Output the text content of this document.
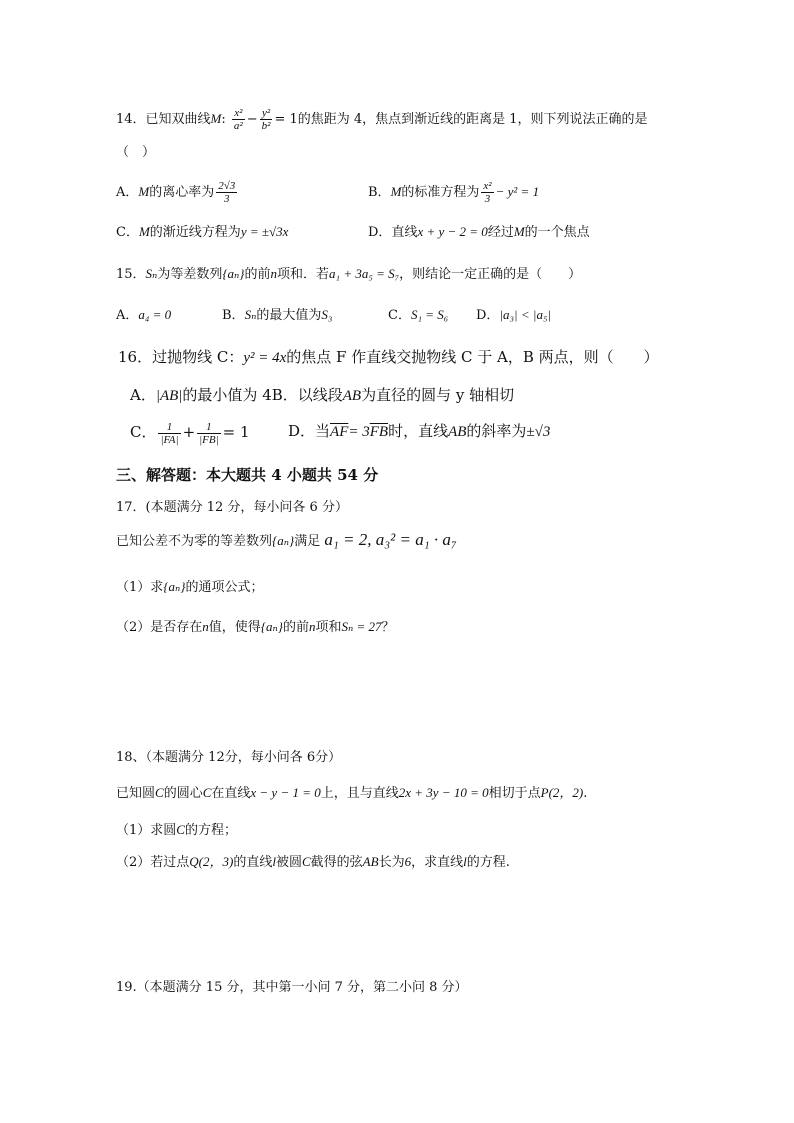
14．已知双曲线M: $\frac{\text{x²}}{\text{a²}} - \frac{\text{y²}}{\text{b²}} = 1$的焦距为 4，焦点到渐近线的距离是 1，则下列说法正确的是
（　）
A．M的离心率为 $\frac{2√3}{3}$	B．M的标准方程为 $\frac{\text{x²}}{3} - y^2 = 1$
C．M的渐近线方程为y = ±√3x	D．直线x + y − 2 = 0经过M的一个焦点
15．Sₙ为等差数列{aₙ}的前n项和．若a₁ + 3a₅ = S₇，则结论一定正确的是（　　）
A．a₄ = 0	B．Sₙ的最大值为S₃	C．S₁ = S₆ D．|a₃| < |a₅|
16．过抛物线 C：y² = 4x的焦点 F 作直线交抛物线 C 于 A，B 两点，则（　　）
A．|AB|的最小值为 4B．以线段AB为直径的圆与 y 轴相切
C． $\frac{1}{|FA|} + \frac{1}{|FB|} = 1$	D．当$\overline{AF}= 3\overline{FB}$时，直线AB的斜率为±√3
三、解答题：本大题共 4 小题共 54 分
17．(本题满分 12 分，每小问各 6 分）
已知公差不为零的等差数列{aₙ}满足 a₁ = 2, a₃² = a₁ · a₇
（1）求{aₙ}的通项公式；
（2）是否存在n值，使得{aₙ}的前n项和Sₙ = 27？
18、（本题满分 12分，每小问各 6分）
已知圆C的圆心C在直线x − y − 1 = 0上，且与直线2x + 3y − 10 = 0相切于点P(2，2).
（1）求圆C的方程；
（2）若过点Q(2，3)的直线l被圆C截得的弦AB长为6，求直线l的方程.
19.（本题满分 15 分，其中第一小问 7 分，第二小问 8 分）
